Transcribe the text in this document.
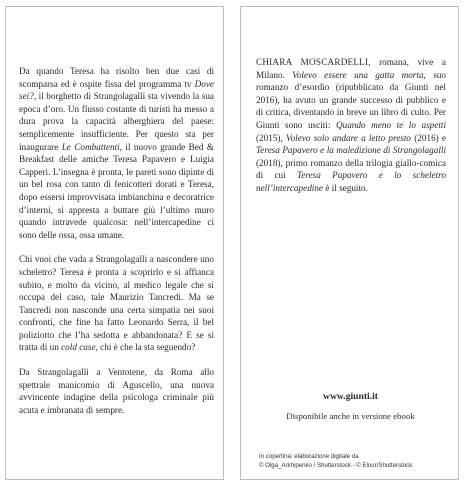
Da quando Teresa ha risolto ben due casi di scomparsa ed è ospite fissa del programma tv Dove sei?, il borghetto di Strangolagalli sta vivendo la sua epoca d’oro. Un flusso costante di turisti ha messo a dura prova la capacità alberghiera del paese: semplicemente insufficiente. Per questo sta per inaugurare Le Combattenti, il nuovo grande Bed & Breakfast delle amiche Teresa Papavero e Luigia Capperi. L’insegna è pronta, le pareti sono dipinte di un bel rosa con tanto di fenicotteri dorati e Teresa, dopo essersi improvvisata imbianchina e decoratrice d’interni, si appresta a buttare giù l’ultimo muro quando intravede qualcosa: nell’intercapedine ci sono delle ossa, ossa umane.

Chi vuoi che vada a Strangolagalli a nascondere uno scheletro? Teresa è pronta a scoprirlo e si affianca subito, e molto da vicino, al medico legale che si occupa del caso, tale Maurizio Tancredi. Ma se Tancredi non nasconde una certa simpatia nei suoi confronti, che fine ha fatto Leonardo Serra, il bel poliziotto che l’ha sedotta e abbandonata? E se si tratta di un cold case, chi è che la sta seguendo?

Da Strangolagalli a Ventotene, da Roma allo spettrale manicomio di Aguscello, una nuova avvincente indagine della psicologa criminale più acuta e imbranata di sempre.

CHIARA MOSCARDELLI, romana, vive a Milano. Volevo essere una gatta morta, suo romanzo d’esordio (ripubblicato da Giunti nel 2016), ha avuto un grande successo di pubblico e di critica, diventando in breve un libro di culto. Per Giunti sono usciti: Quando meno te lo aspetti (2015), Volevo solo andare a letto presto (2016) e Teresa Papavero e la maledizione di Strangolagalli (2018), primo romanzo della trilogia giallo-comica di cui Teresa Papavero e lo scheletro nell’intercapedine è il seguito.

www.giunti.it
Disponibile anche in versione ebook
In copertina: elaborazione digitale da
© Olga_Arkhipenko / Shutterstock - © Elnur/Shutterstock
